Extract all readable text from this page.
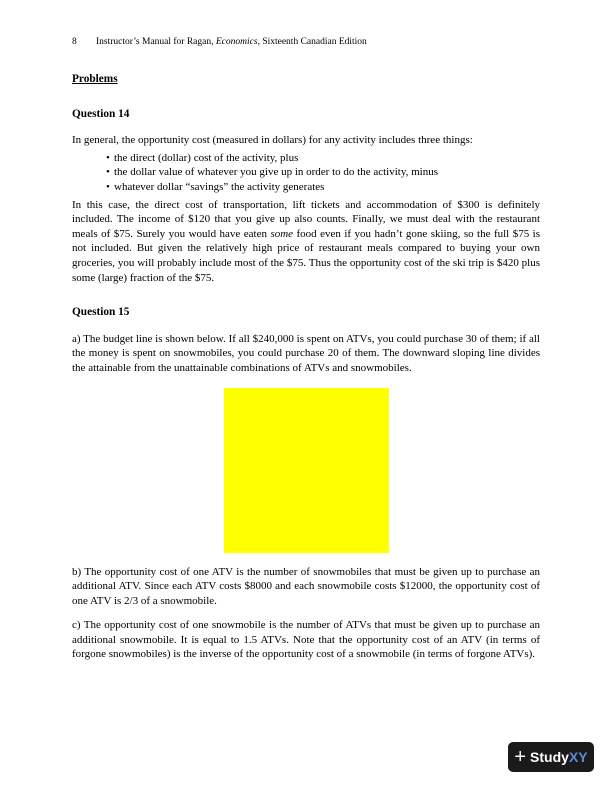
8 Instructor’s Manual for Ragan, Economics, Sixteenth Canadian Edition
Problems
Question 14

In general, the opportunity cost (measured in dollars) for any activity includes three things:

• the direct (dollar) cost of the activity, plus
• the dollar value of whatever you give up in order to do the activity, minus
• whatever dollar “savings” the activity generates

In this case, the direct cost of transportation, lift tickets and accommodation of $300 is definitely included. The income of $120 that you give up also counts. Finally, we must deal with the restaurant meals of $75. Surely you would have eaten some food even if you hadn’t gone skiing, so the full $75 is not included. But given the relatively high price of restaurant meals compared to buying your own groceries, you will probably include most of the $75. Thus the opportunity cost of the ski trip is $420 plus some (large) fraction of the $75.

Question 15

a) The budget line is shown below. If all $240,000 is spent on ATVs, you could purchase 30 of them; if all the money is spent on snowmobiles, you could purchase 20 of them. The downward sloping line divides the attainable from the unattainable combinations of ATVs and snowmobiles.

b) The opportunity cost of one ATV is the number of snowmobiles that must be given up to purchase an additional ATV. Since each ATV costs $8000 and each snowmobile costs $12000, the opportunity cost of one ATV is 2/3 of a snowmobile.

c) The opportunity cost of one snowmobile is the number of ATVs that must be given up to purchase an additional snowmobile. It is equal to 1.5 ATVs. Note that the opportunity cost of an ATV (in terms of forgone snowmobiles) is the inverse of the opportunity cost of a snowmobile (in terms of forgone ATVs).

+ Study XY
